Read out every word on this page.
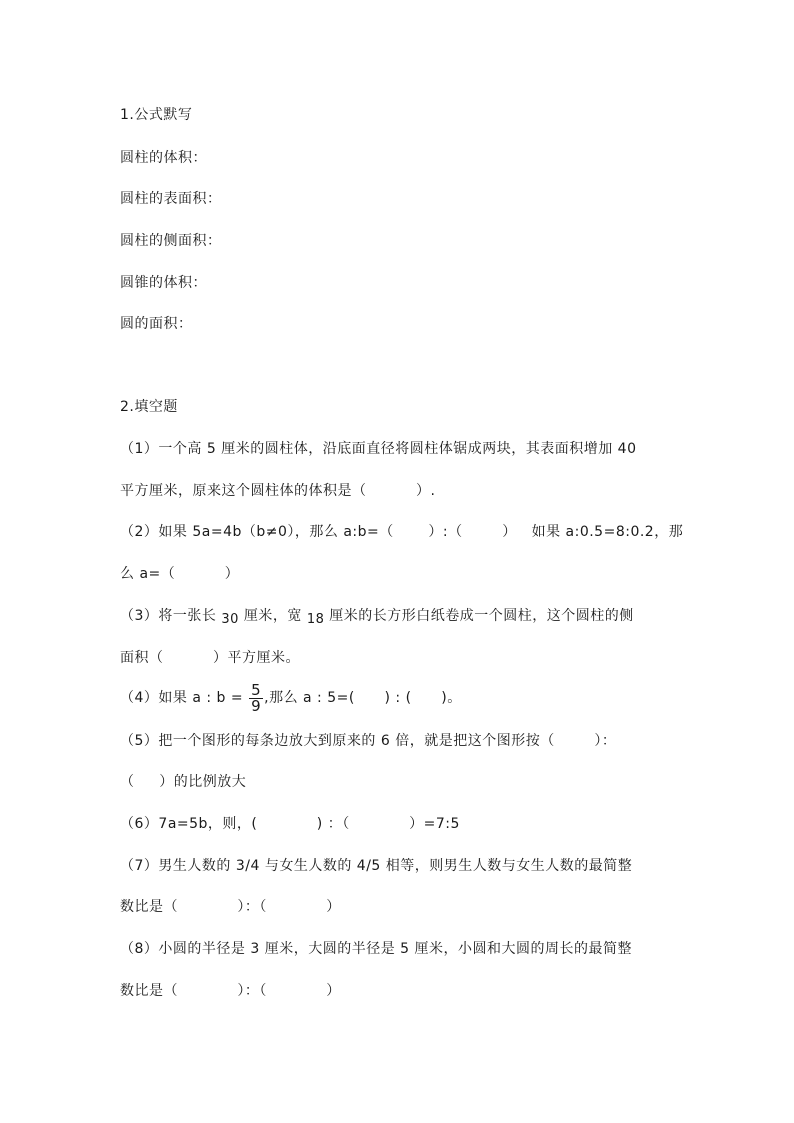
1.公式默写
圆柱的体积：
圆柱的表面积：
圆柱的侧面积：
圆锥的体积：
圆的面积：
2.填空题
（1）一个高 5 厘米的圆柱体，沿底面直径将圆柱体锯成两块，其表面积增加 40
平方厘米，原来这个圆柱体的体积是（          ）.
（2）如果 5a=4b（b≠0），那么 a:b=（       ）:（        ）   如果 a:0.5=8:0.2，那
么 a=（          ）
（3）将一张长 30 厘米，宽 18 厘米的长方形白纸卷成一个圆柱，这个圆柱的侧
面积（          ）平方厘米。
（4）如果 a : $b = \frac{5}{9}$ ,那么 a : 5=(      ) : (      )。
（5）把一个图形的每条边放大到原来的 6 倍，就是把这个图形按（        ）：
（     ）的比例放大
（6）7a=5b，则，(            ) ：（            ）=7:5
（7）男生人数的 3/4 与女生人数的 4/5 相等，则男生人数与女生人数的最简整
数比是（            ）：（            ）
（8）小圆的半径是 3 厘米，大圆的半径是 5 厘米，小圆和大圆的周长的最简整
数比是（            ）：（            ）
